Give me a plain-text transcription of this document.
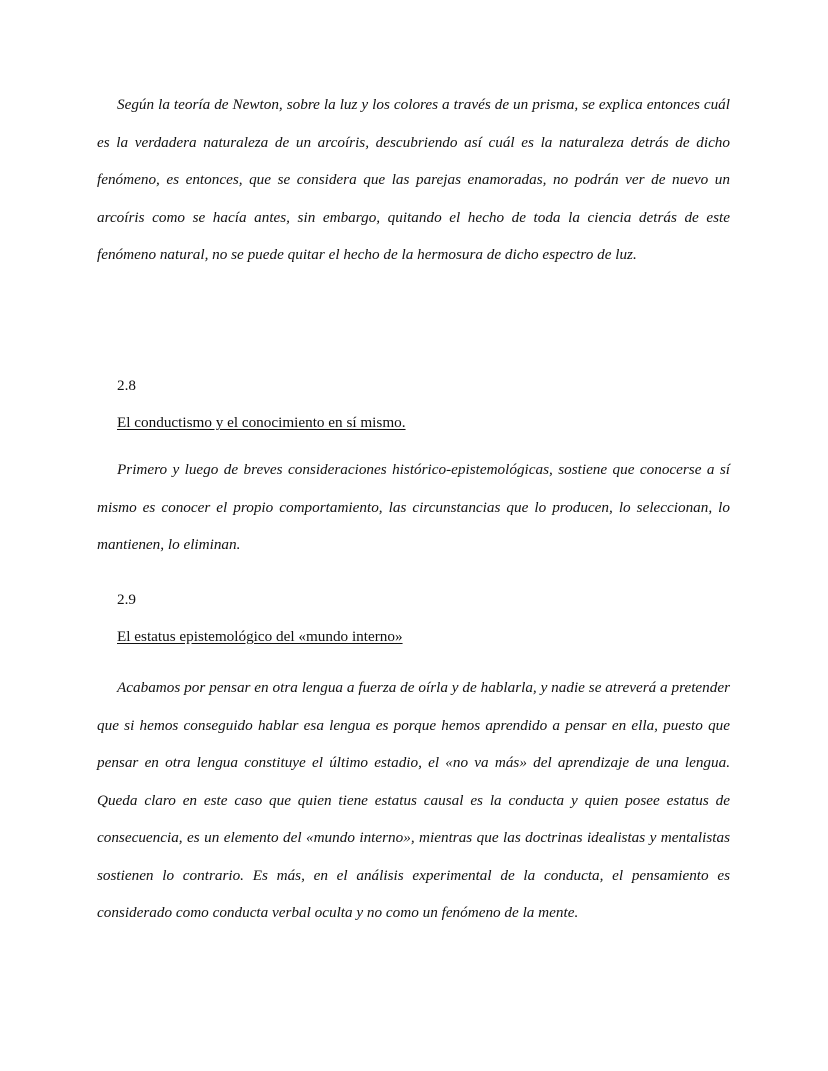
Según la teoría de Newton, sobre la luz y los colores a través de un prisma, se explica entonces cuál es la verdadera naturaleza de un arcoíris, descubriendo así cuál es la naturaleza detrás de dicho fenómeno, es entonces, que se considera que las parejas enamoradas, no podrán ver de nuevo un arcoíris como se hacía antes, sin embargo, quitando el hecho de toda la ciencia detrás de este fenómeno natural, no se puede quitar el hecho de la hermosura de dicho espectro de luz.

2.8

El conductismo y el conocimiento en sí mismo.

Primero y luego de breves consideraciones histórico-epistemológicas, sostiene que conocerse a sí mismo es conocer el propio comportamiento, las circunstancias que lo producen, lo seleccionan, lo mantienen, lo eliminan.

2.9

El estatus epistemológico del «mundo interno»

Acabamos por pensar en otra lengua a fuerza de oírla y de hablarla, y nadie se atreverá a pretender que si hemos conseguido hablar esa lengua es porque hemos aprendido a pensar en ella, puesto que pensar en otra lengua constituye el último estadio, el «no va más» del aprendizaje de una lengua. Queda claro en este caso que quien tiene estatus causal es la conducta y quien posee estatus de consecuencia, es un elemento del «mundo interno», mientras que las doctrinas idealistas y mentalistas sostienen lo contrario. Es más, en el análisis experimental de la conducta, el pensamiento es considerado como conducta verbal oculta y no como un fenómeno de la mente.
